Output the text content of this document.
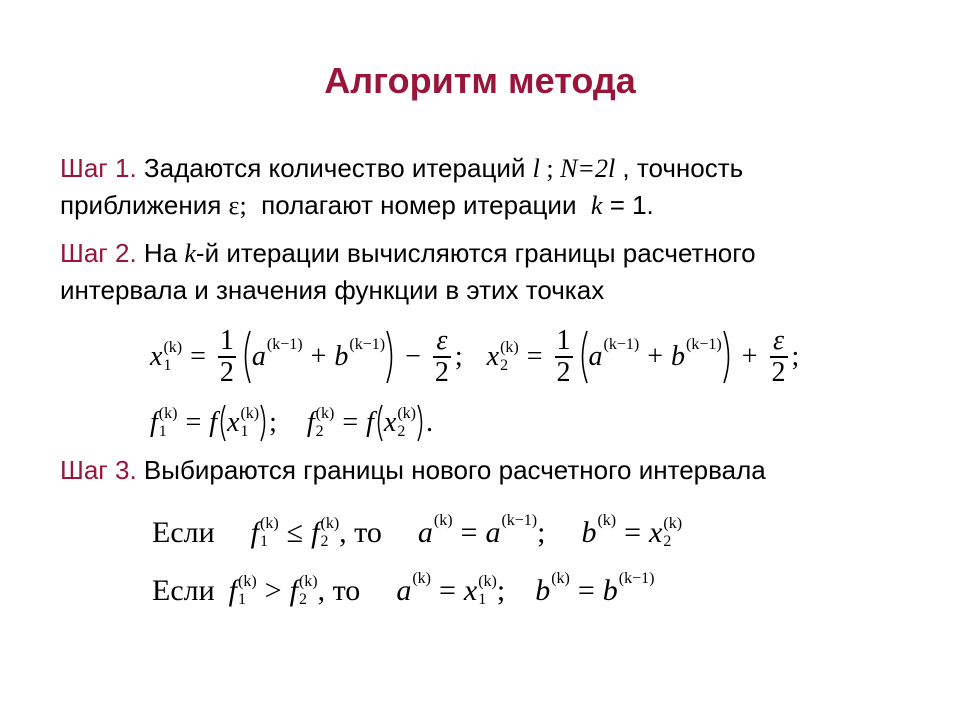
Алгоритм метода
Шаг 1. Задаются количество итераций l ; N=2l , точность
приближения ε;  полагают номер итерации  k = 1.
Шаг 2. На k-й итерации вычисляются границы расчетного
интервала и значения функции в этих точках
x (k)
$1 = \frac{1}{2}$ a (k−1) + b $(k-1) - \frac{\varepsilon}{2}$ ; x (k)
$2 = \frac{1}{2}$ a (k−1) + b $(k-1) + \frac{\varepsilon}{2}$ ;
f (k)
1 = f x (k)
1 ; f (k)
2 = f x (k)
2 .
Шаг 3. Выбираются границы нового расчетного интервала
Если f (k)
1 ≤ f (k)
2 , то a (k) = a (k−1) ; b (k) = x (k)
2
Если f (k)
1 > f (k)
2 , то a (k) = x (k)
1 ; b (k) = b (k−1)
